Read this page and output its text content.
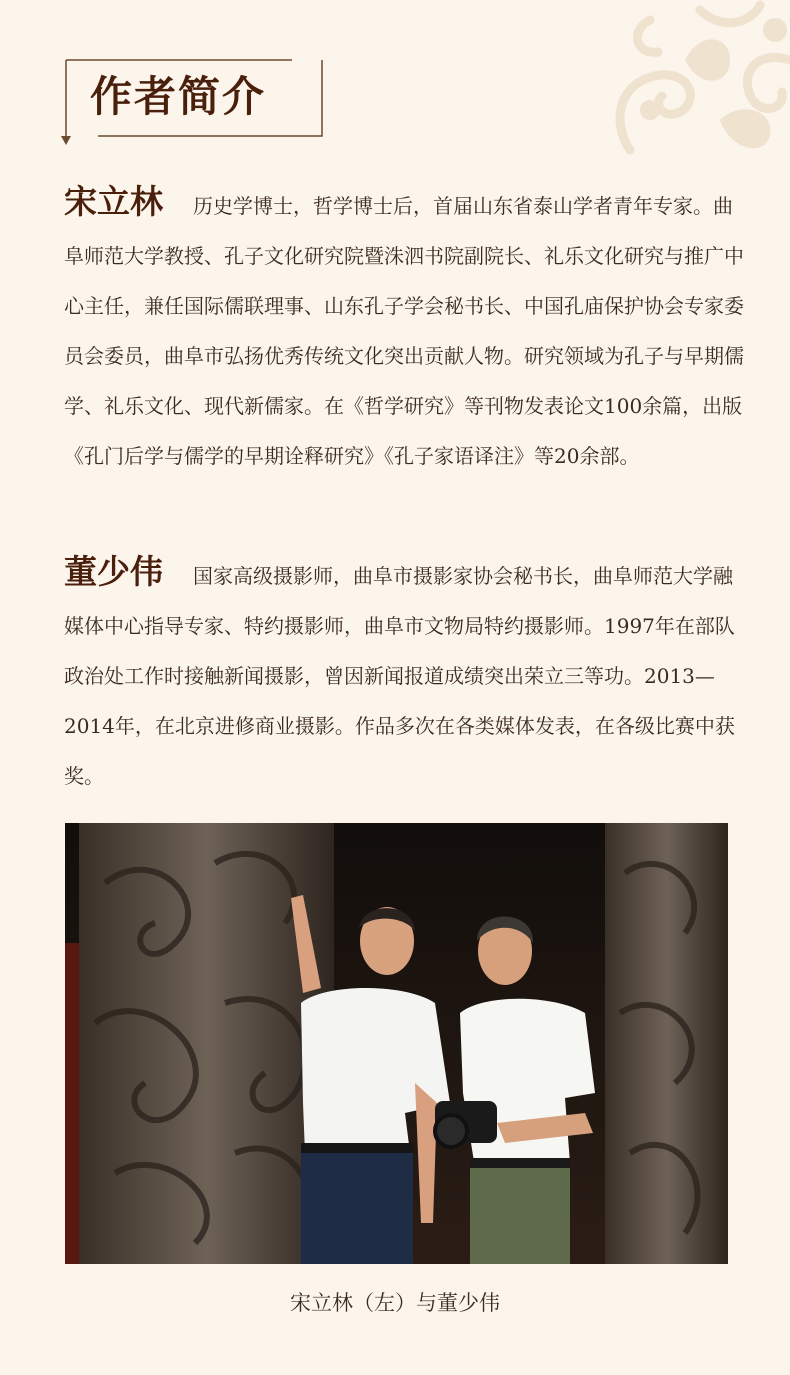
作者简介
宋立林 历史学博士，哲学博士后，首届山东省泰山学者青年专家。曲阜师范大学教授、孔子文化研究院暨洙泗书院副院长、礼乐文化研究与推广中心主任，兼任国际儒联理事、山东孔子学会秘书长、中国孔庙保护协会专家委员会委员，曲阜市弘扬优秀传统文化突出贡献人物。研究领域为孔子与早期儒学、礼乐文化、现代新儒家。在《哲学研究》等刊物发表论文100余篇，出版《孔门后学与儒学的早期诠释研究》《孔子家语译注》等20余部。
董少伟 国家高级摄影师，曲阜市摄影家协会秘书长，曲阜师范大学融媒体中心指导专家、特约摄影师，曲阜市文物局特约摄影师。1997年在部队政治处工作时接触新闻摄影，曾因新闻报道成绩突出荣立三等功。2013—2014年，在北京进修商业摄影。作品多次在各类媒体发表，在各级比赛中获奖。
宋立林（左）与董少伟
